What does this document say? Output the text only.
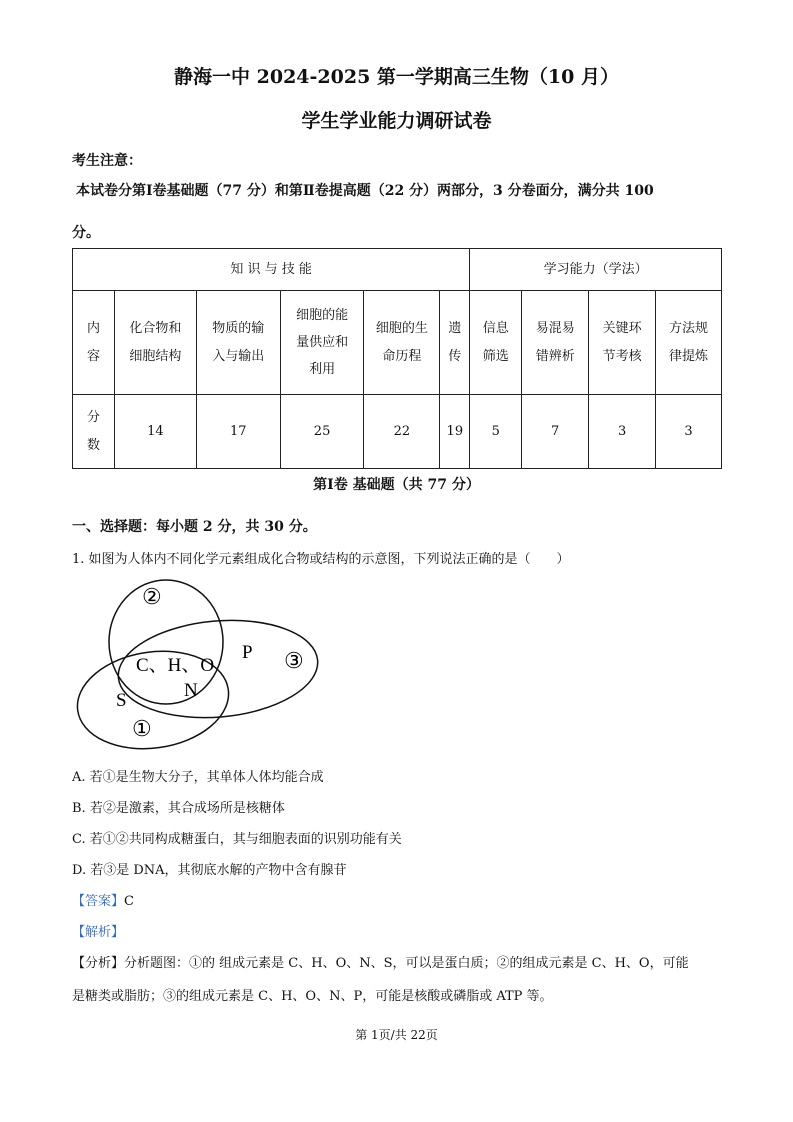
静海一中 2024-2025 第一学期高三生物（10 月）
学生学业能力调研试卷
考生注意：
本试卷分第Ⅰ卷基础题（77 分）和第Ⅱ卷提高题（22 分）两部分，3 分卷面分，满分共 100
分。
知 识 与 技 能						学习能力（学法）			
内容	化合物和细胞结构	物质的输入与输出	细胞的能量供应和利用	细胞的生命历程	遗传	信息筛选	易混易错辨析	关键环节考核	方法规律提炼
分数	14	17	25	22	19	5	7	3	3
第Ⅰ卷 基础题（共 77 分）
一、选择题：每小题 2 分，共 30 分。
1. 如图为人体内不同化学元素组成化合物或结构的示意图，下列说法正确的是（　　）
②
③
①
C、H、O
N
P
S
A. 若①是生物大分子，其单体人体均能合成
B. 若②是激素，其合成场所是核糖体
C. 若①②共同构成糖蛋白，其与细胞表面的识别功能有关
D. 若③是 DNA，其彻底水解的产物中含有腺苷
【答案】C
【解析】
【分析】分析题图：①的 组成元素是 C、H、O、N、S，可以是蛋白质；②的组成元素是 C、H、O，可能
是糖类或脂肪；③的组成元素是 C、H、O、N、P，可能是核酸或磷脂或 ATP 等。
第 1页/共 22页
